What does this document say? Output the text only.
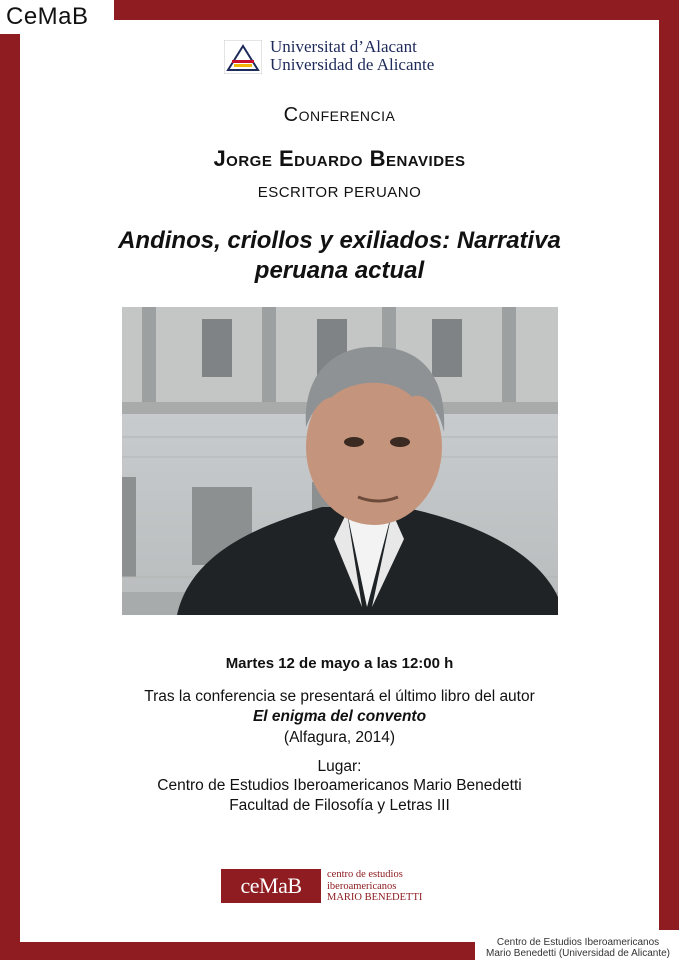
CeMaB
Universitat d’Alacant
Universidad de Alicante
Conferencia
Jorge Eduardo Benavides
ESCRITOR PERUANO
Andinos, criollos y exiliados: Narrativa
peruana actual
Martes 12 de mayo a las 12:00 h
Tras la conferencia se presentará el último libro del autor
El enigma del convento
(Alfagura, 2014)
Lugar:
Centro de Estudios Iberoamericanos Mario Benedetti
Facultad de Filosofía y Letras III
ceMaB	centro de estudios
iberoamericanos
MARIO BENEDETTI
Centro de Estudios Iberoamericanos
Mario Benedetti (Universidad de Alicante)
